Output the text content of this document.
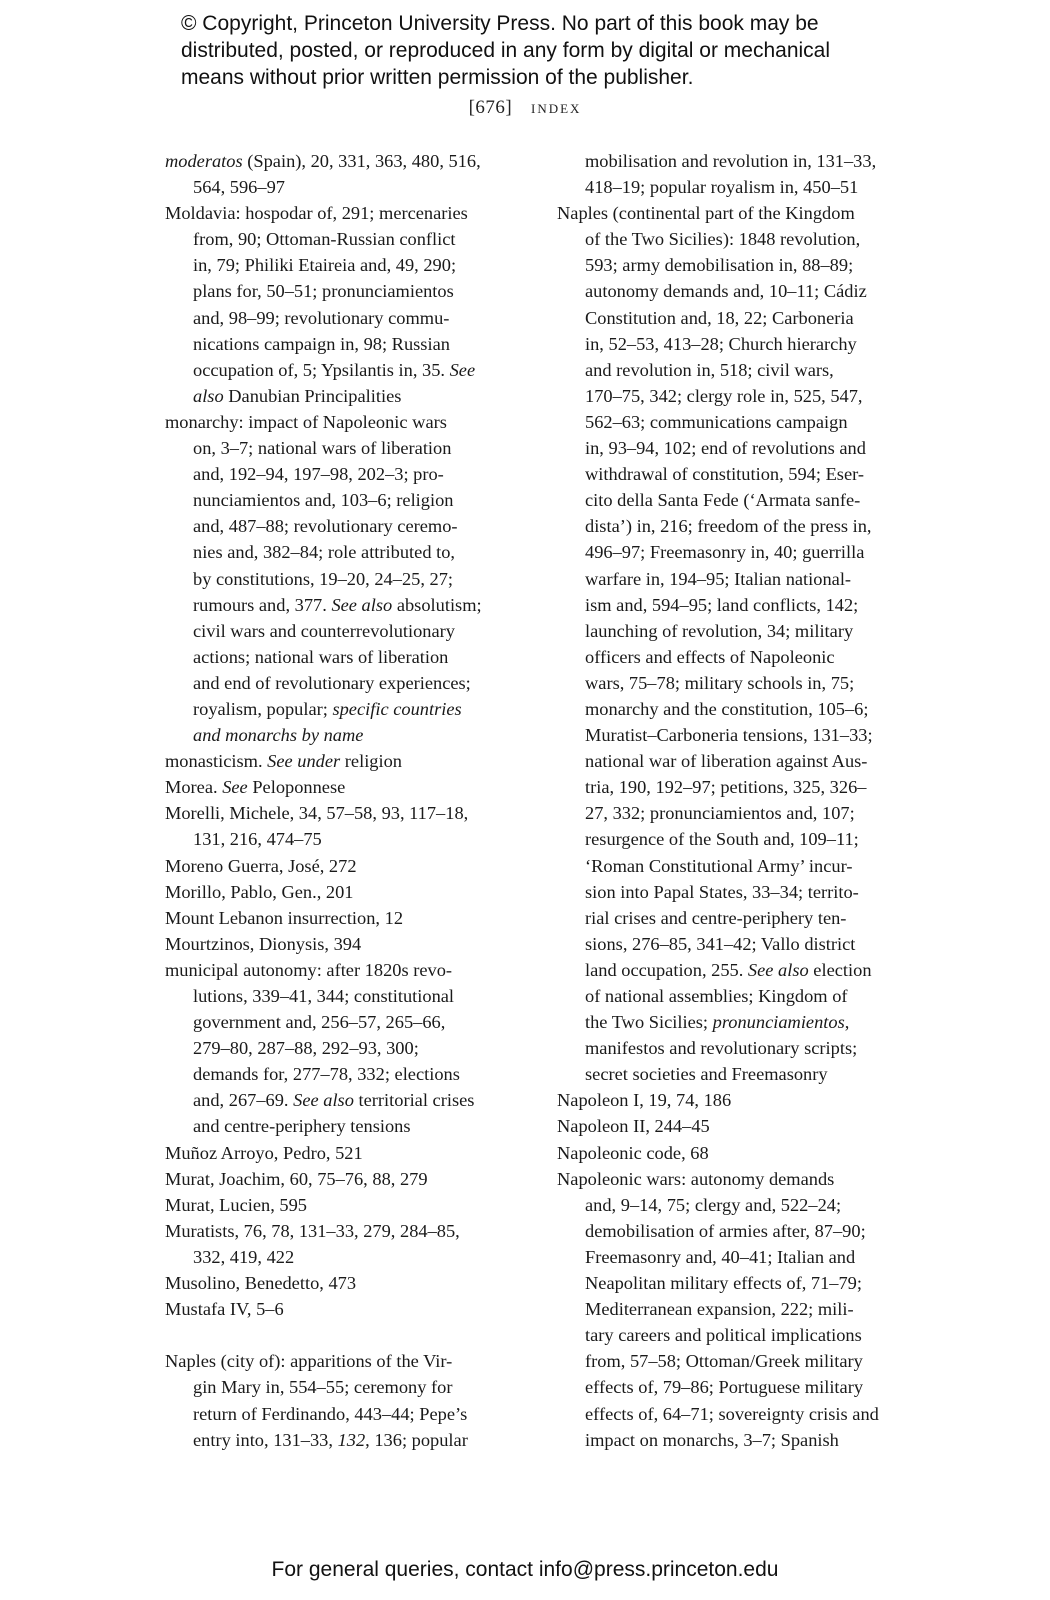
© Copyright, Princeton University Press. No part of this book may be
distributed, posted, or reproduced in any form by digital or mechanical
means without prior written permission of the publisher.
[676] index
moderatos (Spain), 20, 331, 363, 480, 516,
564, 596–97
Moldavia: hospodar of, 291; mercenaries
from, 90; Ottoman-Russian conflict
in, 79; Philiki Etaireia and, 49, 290;
plans for, 50–51; pronunciamientos
and, 98–99; revolutionary commu-
nications campaign in, 98; Russian
occupation of, 5; Ypsilantis in, 35. See
also Danubian Principalities
monarchy: impact of Napoleonic wars
on, 3–7; national wars of liberation
and, 192–94, 197–98, 202–3; pro-
nunciamientos and, 103–6; religion
and, 487–88; revolutionary ceremo-
nies and, 382–84; role attributed to,
by constitutions, 19–20, 24–25, 27;
rumours and, 377. See also absolutism;
civil wars and counterrevolutionary
actions; national wars of liberation
and end of revolutionary experiences;
royalism, popular; specific countries
and monarchs by name
monasticism. See under religion
Morea. See Peloponnese
Morelli, Michele, 34, 57–58, 93, 117–18,
131, 216, 474–75
Moreno Guerra, José, 272
Morillo, Pablo, Gen., 201
Mount Lebanon insurrection, 12
Mourtzinos, Dionysis, 394
municipal autonomy: after 1820s revo-
lutions, 339–41, 344; constitutional
government and, 256–57, 265–66,
279–80, 287–88, 292–93, 300;
demands for, 277–78, 332; elections
and, 267–69. See also territorial crises
and centre-periphery tensions
Muñoz Arroyo, Pedro, 521
Murat, Joachim, 60, 75–76, 88, 279
Murat, Lucien, 595
Muratists, 76, 78, 131–33, 279, 284–85,
332, 419, 422
Musolino, Benedetto, 473
Mustafa IV, 5–6
Naples (city of): apparitions of the Vir-
gin Mary in, 554–55; ceremony for
return of Ferdinando, 443–44; Pepe’s
entry into, 131–33, 132, 136; popular
mobilisation and revolution in, 131–33,
418–19; popular royalism in, 450–51
Naples (continental part of the Kingdom
of the Two Sicilies): 1848 revolution,
593; army demobilisation in, 88–89;
autonomy demands and, 10–11; Cádiz
Constitution and, 18, 22; Carboneria
in, 52–53, 413–28; Church hierarchy
and revolution in, 518; civil wars,
170–75, 342; clergy role in, 525, 547,
562–63; communications campaign
in, 93–94, 102; end of revolutions and
withdrawal of constitution, 594; Eser-
cito della Santa Fede (‘Armata sanfe-
dista’) in, 216; freedom of the press in,
496–97; Freemasonry in, 40; guerrilla
warfare in, 194–95; Italian national-
ism and, 594–95; land conflicts, 142;
launching of revolution, 34; military
officers and effects of Napoleonic
wars, 75–78; military schools in, 75;
monarchy and the constitution, 105–6;
Muratist–Carboneria tensions, 131–33;
national war of liberation against Aus-
tria, 190, 192–97; petitions, 325, 326–
27, 332; pronunciamientos and, 107;
resurgence of the South and, 109–11;
‘Roman Constitutional Army’ incur-
sion into Papal States, 33–34; territo-
rial crises and centre-periphery ten-
sions, 276–85, 341–42; Vallo district
land occupation, 255. See also election
of national assemblies; Kingdom of
the Two Sicilies; pronunciamientos,
manifestos and revolutionary scripts;
secret societies and Freemasonry
Napoleon I, 19, 74, 186
Napoleon II, 244–45
Napoleonic code, 68
Napoleonic wars: autonomy demands
and, 9–14, 75; clergy and, 522–24;
demobilisation of armies after, 87–90;
Freemasonry and, 40–41; Italian and
Neapolitan military effects of, 71–79;
Mediterranean expansion, 222; mili-
tary careers and political implications
from, 57–58; Ottoman/Greek military
effects of, 79–86; Portuguese military
effects of, 64–71; sovereignty crisis and
impact on monarchs, 3–7; Spanish
For general queries, contact info@press.princeton.edu
